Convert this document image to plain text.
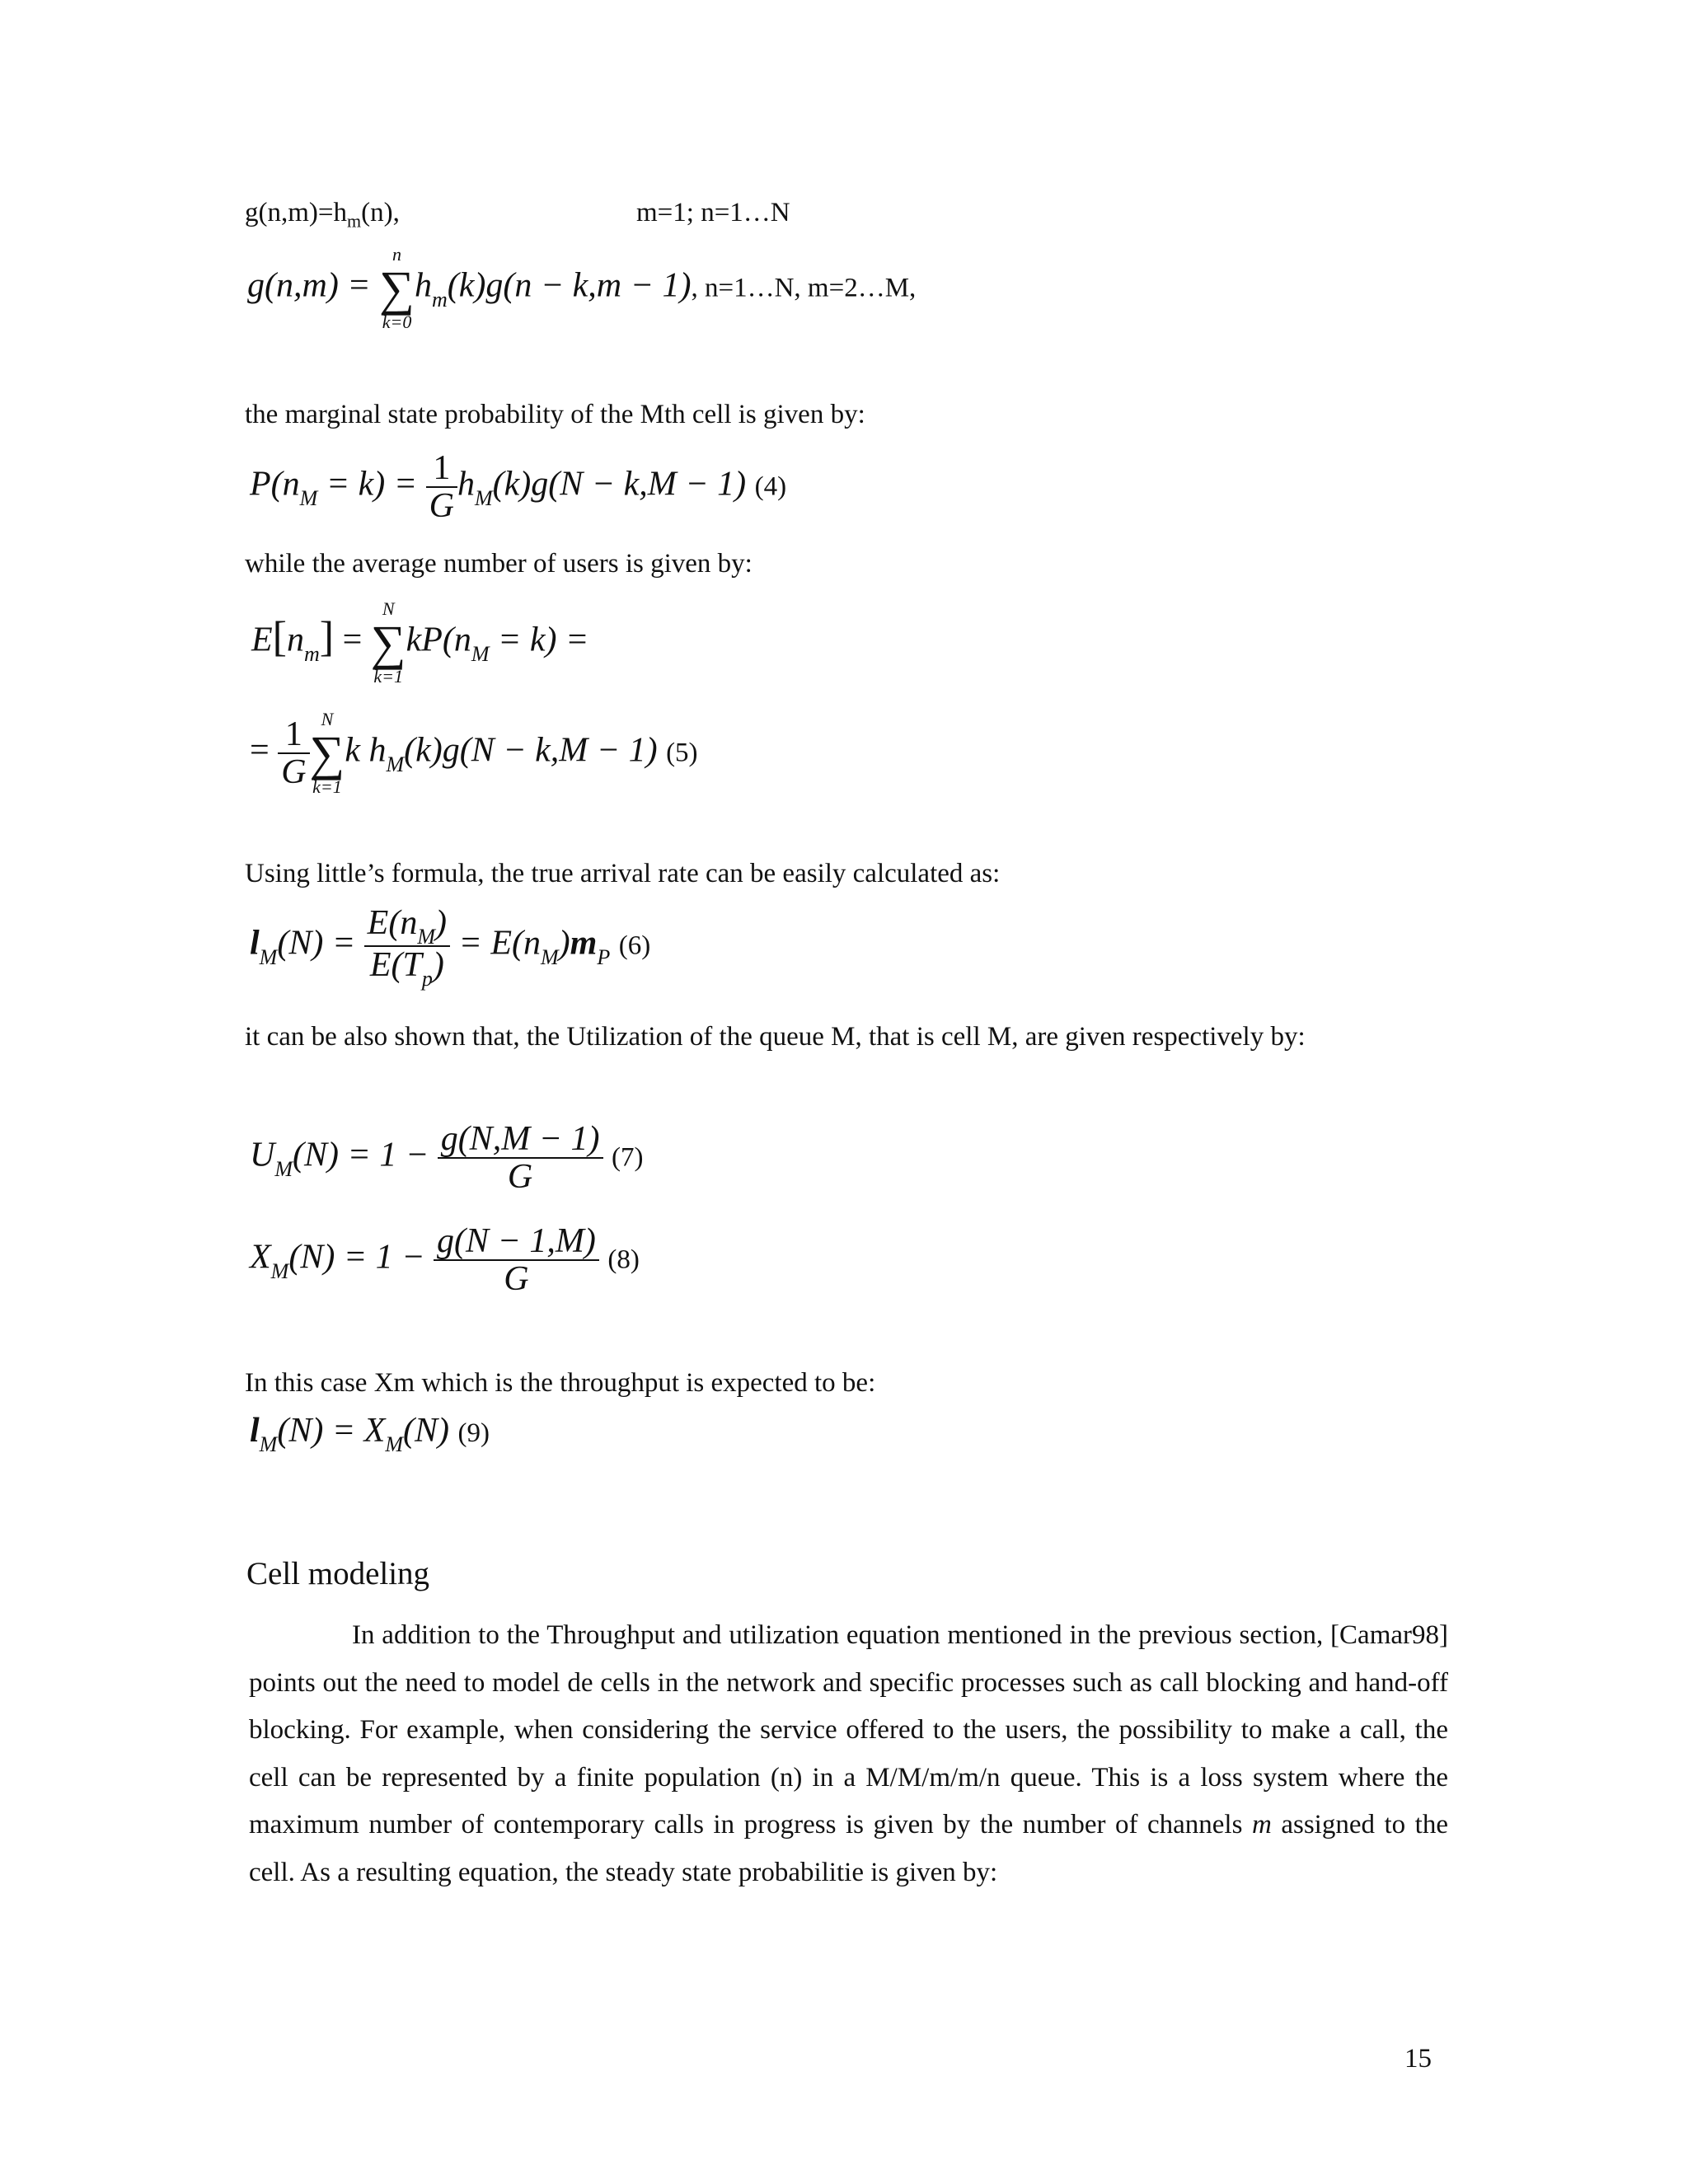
$g(n,m)=h_m(n)$,	m=1; n=1…N
g(n,m) =
n
∑
k=0
$h_m(k)g(n - k,m - 1)$, n=1…N, m=2…M,
the marginal state probability of the Mth cell is given by:
$P(n_M = k) = \frac{1}{G} h_M(k)g(N - k,M - 1)$ (4)
while the average number of users is given by:
$E[n_m]$ =
N
∑
k=1
$kP(n_M = k)$ =
= $\frac{1}{G}$ N
∑
k=1
k $h_M(k)g(N - k,M - 1)$ (5)
Using little’s formula, the true arrival rate can be easily calculated as:
$l_M(N) = \frac{E(n_M)}{E(T_p)} = E(n_M)m_P$ (6)
it can be also shown that, the Utilization of the queue M, that is cell M, are given respectively by:
$U_M(N) = 1 - \frac{g(N,M - 1)}{G} (7)$
$X_M(N) = 1 - \frac{g(N - 1,M)}{G} (8)$
In this case Xm which is the throughput is expected to be:
$l_M(N) = X_M(N)$ (9)
Cell modeling
In addition to the Throughput and utilization equation mentioned in the previous section, [Camar98] points out the need to model de cells in the network and specific processes such as call blocking and hand-off blocking. For example, when considering the service offered to the users, the possibility to make a call, the cell can be represented by a finite population (n) in a M/M/m/m/n queue. This is a loss system where the maximum number of contemporary calls in progress is given by the number of channels m assigned to the cell. As a resulting equation, the steady state probabilitie is given by:
15
